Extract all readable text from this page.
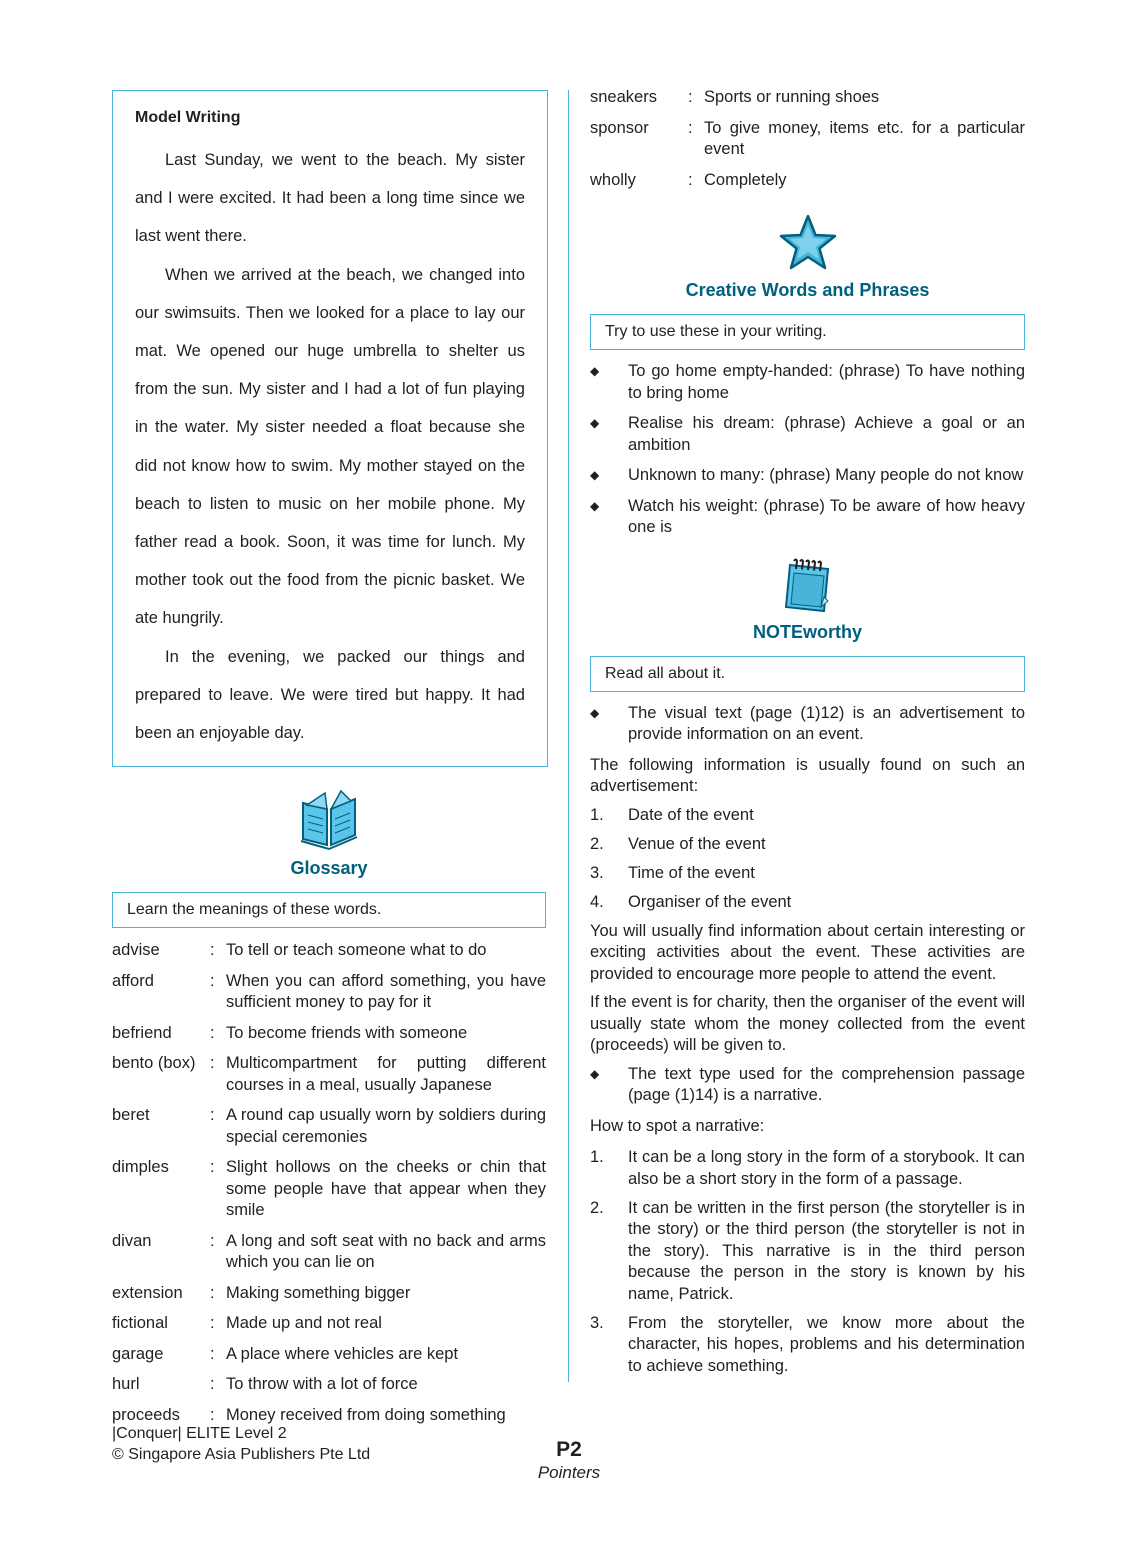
Model Writing

Last Sunday, we went to the beach. My sister and I were excited. It had been a long time since we last went there.

When we arrived at the beach, we changed into our swimsuits. Then we looked for a place to lay our mat. We opened our huge umbrella to shelter us from the sun. My sister and I had a lot of fun playing in the water. My sister needed a float because she did not know how to swim. My mother stayed on the beach to listen to music on her mobile phone. My father read a book. Soon, it was time for lunch. My mother took out the food from the picnic basket. We ate hungrily.

In the evening, we packed our things and prepared to leave. We were tired but happy. It had been an enjoyable day.

Glossary
Learn the meanings of these words.
advise	: To tell or teach someone what to do
afford	: When you can afford something, you have sufficient money to pay for it
befriend	: To become friends with someone
bento (box) : Multicompartment for putting different courses in a meal, usually Japanese
beret	: A round cap usually worn by soldiers during special ceremonies
dimples	: Slight hollows on the cheeks or chin that some people have that appear when they smile
divan	: A long and soft seat with no back and arms which you can lie on
extension	: Making something bigger
fictional	: Made up and not real
garage	: A place where vehicles are kept
hurl	: To throw with a lot of force
proceeds	: Money received from doing something
sneakers	: Sports or running shoes
sponsor	: To give money, items etc. for a particular event
wholly	: Completely
Creative Words and Phrases
Try to use these in your writing.
◆	To go home empty-handed: (phrase) To have nothing to bring home
◆	Realise his dream: (phrase) Achieve a goal or an ambition
◆	Unknown to many: (phrase) Many people do not know
◆	Watch his weight: (phrase) To be aware of how heavy one is
NOTEworthy
Read all about it.
◆	The visual text (page (1)12) is an advertisement to provide information on an event.

The following information is usually found on such an advertisement:

1.	Date of the event
2.	Venue of the event
3.	Time of the event
4.	Organiser of the event

You will usually find information about certain interesting or exciting activities about the event. These activities are provided to encourage more people to attend the event.

If the event is for charity, then the organiser of the event will usually state whom the money collected from the event (proceeds) will be given to.

◆	The text type used for the comprehension passage (page (1)14) is a narrative.

How to spot a narrative:

1.	It can be a long story in the form of a storybook. It can also be a short story in the form of a passage.
2.	It can be written in the first person (the storyteller is in the story) or the third person (the storyteller is not in the story). This narrative is in the third person because the person in the story is known by his name, Patrick.
3.	From the storyteller, we know more about the character, his hopes, problems and his determination to achieve something.
|Conquer| ELITE Level 2
© Singapore Asia Publishers Pte Ltd	P2
Pointers
